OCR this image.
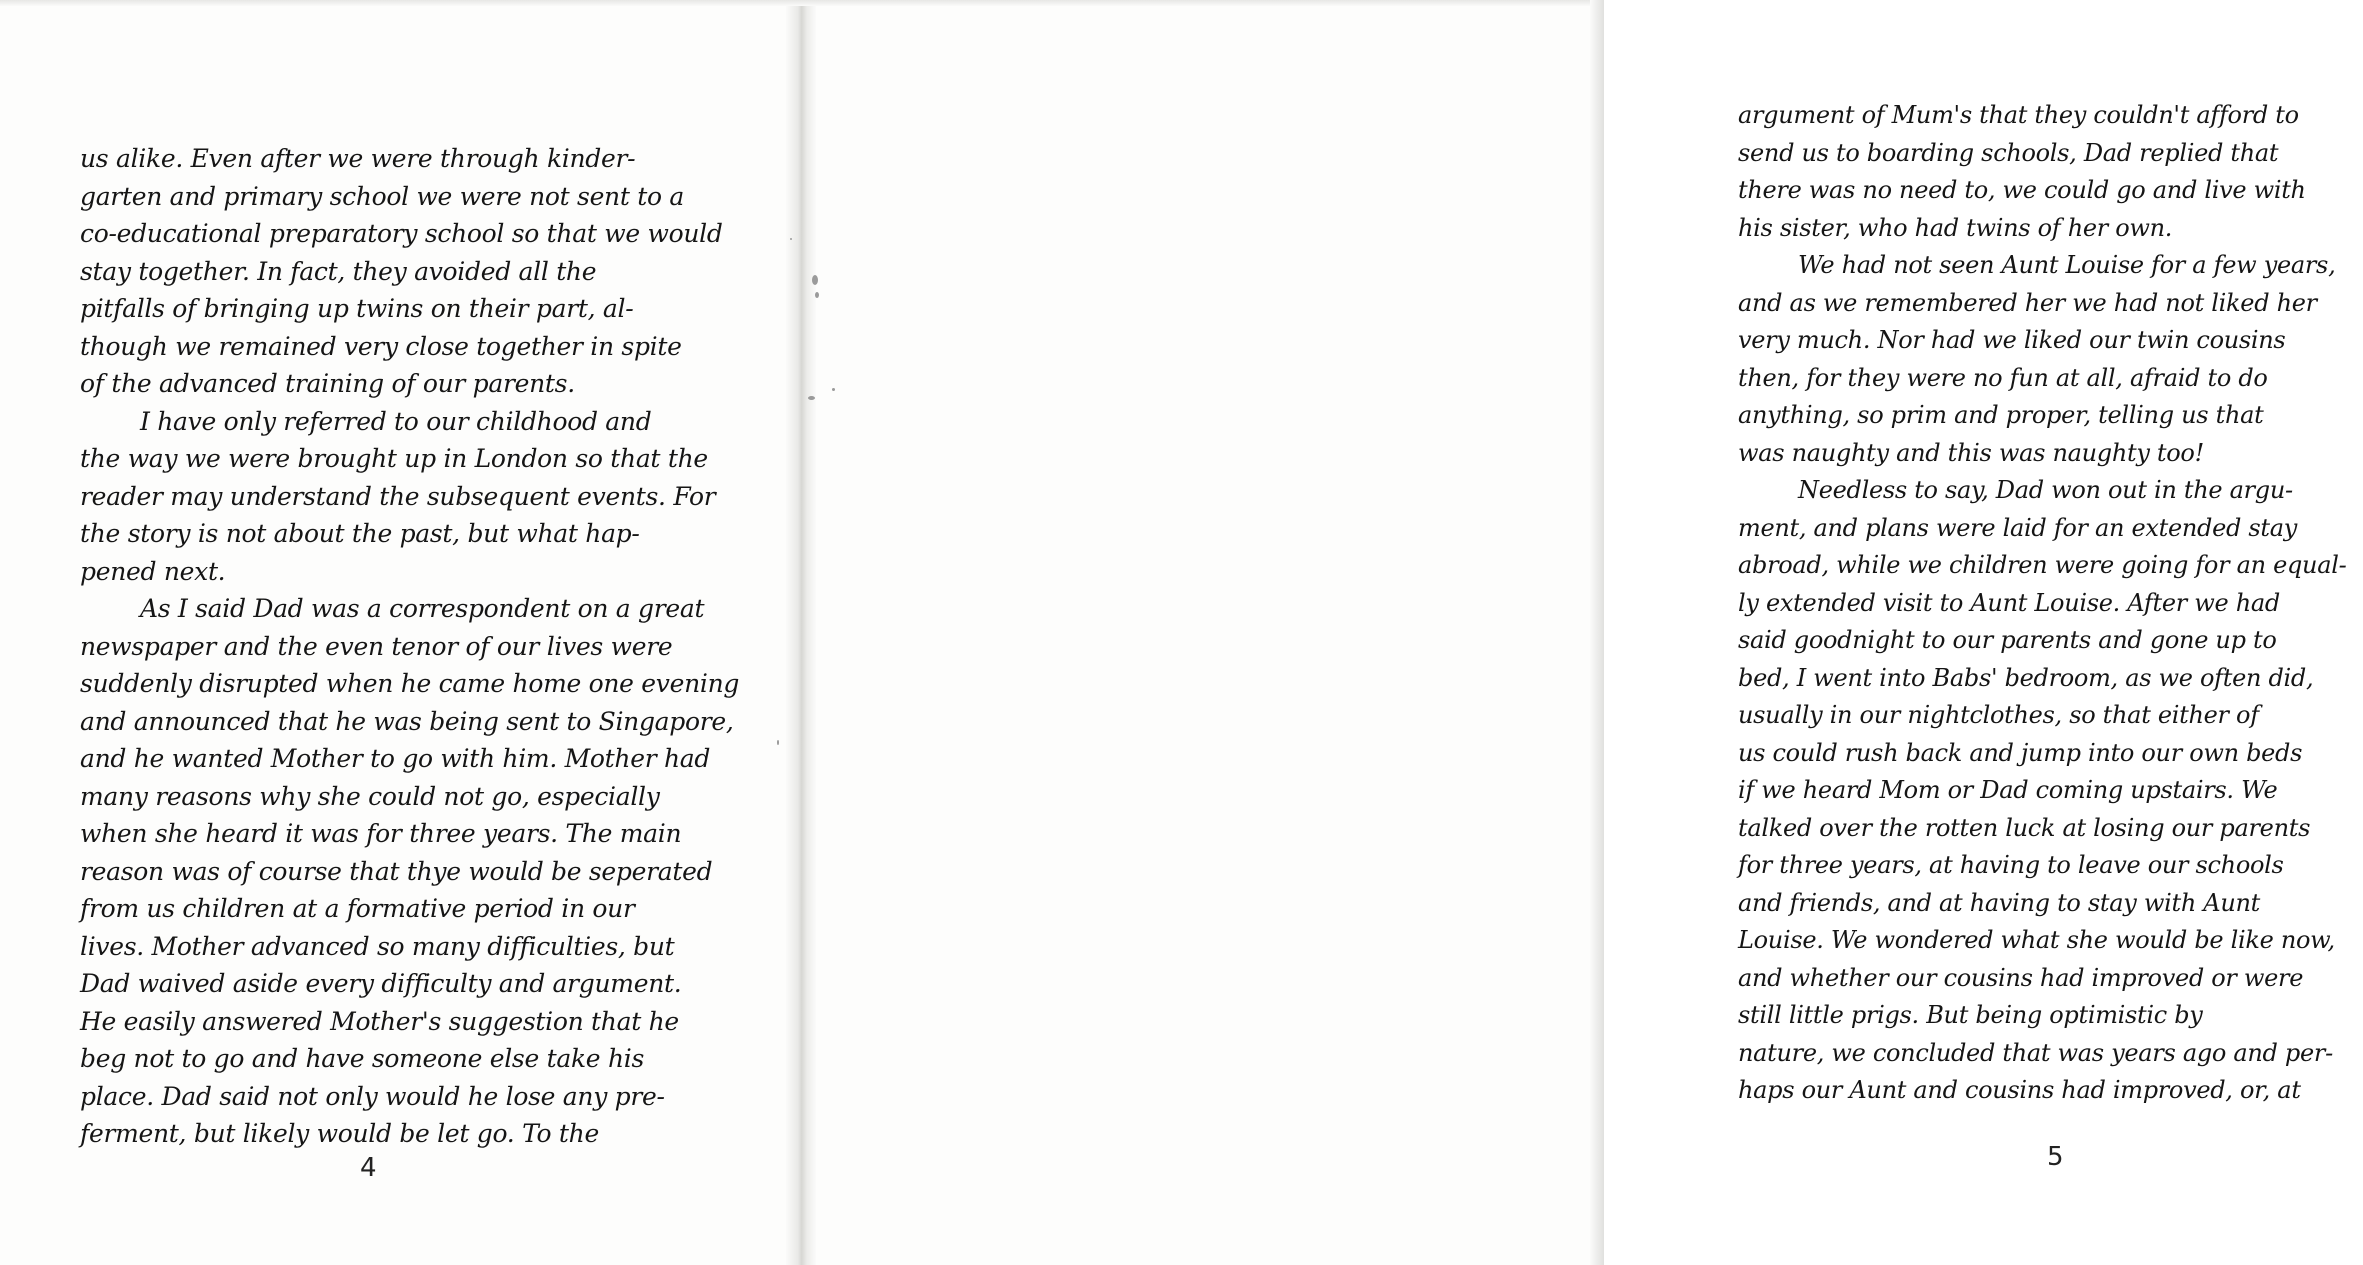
us alike. Even after we were through kinder-
garten and primary school we were not sent to a
co-educational preparatory school so that we would
stay together. In fact, they avoided all the
pitfalls of bringing up twins on their part, al-
though we remained very close together in spite
of the advanced training of our parents.
I have only referred to our childhood and
the way we were brought up in London so that the
reader may understand the subsequent events. For
the story is not about the past, but what hap-
pened next.
As I said Dad was a correspondent on a great
newspaper and the even tenor of our lives were
suddenly disrupted when he came home one evening
and announced that he was being sent to Singapore,
and he wanted Mother to go with him. Mother had
many reasons why she could not go, especially
when she heard it was for three years. The main
reason was of course that thye would be seperated
from us children at a formative period in our
lives. Mother advanced so many difficulties, but
Dad waived aside every difficulty and argument.
He easily answered Mother's suggestion that he
beg not to go and have someone else take his
place. Dad said not only would he lose any pre-
ferment, but likely would be let go. To the
4
argument of Mum's that they couldn't afford to
send us to boarding schools, Dad replied that
there was no need to, we could go and live with
his sister, who had twins of her own.
We had not seen Aunt Louise for a few years,
and as we remembered her we had not liked her
very much. Nor had we liked our twin cousins
then, for they were no fun at all, afraid to do
anything, so prim and proper, telling us that
was naughty and this was naughty too!
Needless to say, Dad won out in the argu-
ment, and plans were laid for an extended stay
abroad, while we children were going for an equal-
ly extended visit to Aunt Louise. After we had
said goodnight to our parents and gone up to
bed, I went into Babs' bedroom, as we often did,
usually in our nightclothes, so that either of
us could rush back and jump into our own beds
if we heard Mom or Dad coming upstairs. We
talked over the rotten luck at losing our parents
for three years, at having to leave our schools
and friends, and at having to stay with Aunt
Louise. We wondered what she would be like now,
and whether our cousins had improved or were
still little prigs. But being optimistic by
nature, we concluded that was years ago and per-
haps our Aunt and cousins had improved, or, at
5
